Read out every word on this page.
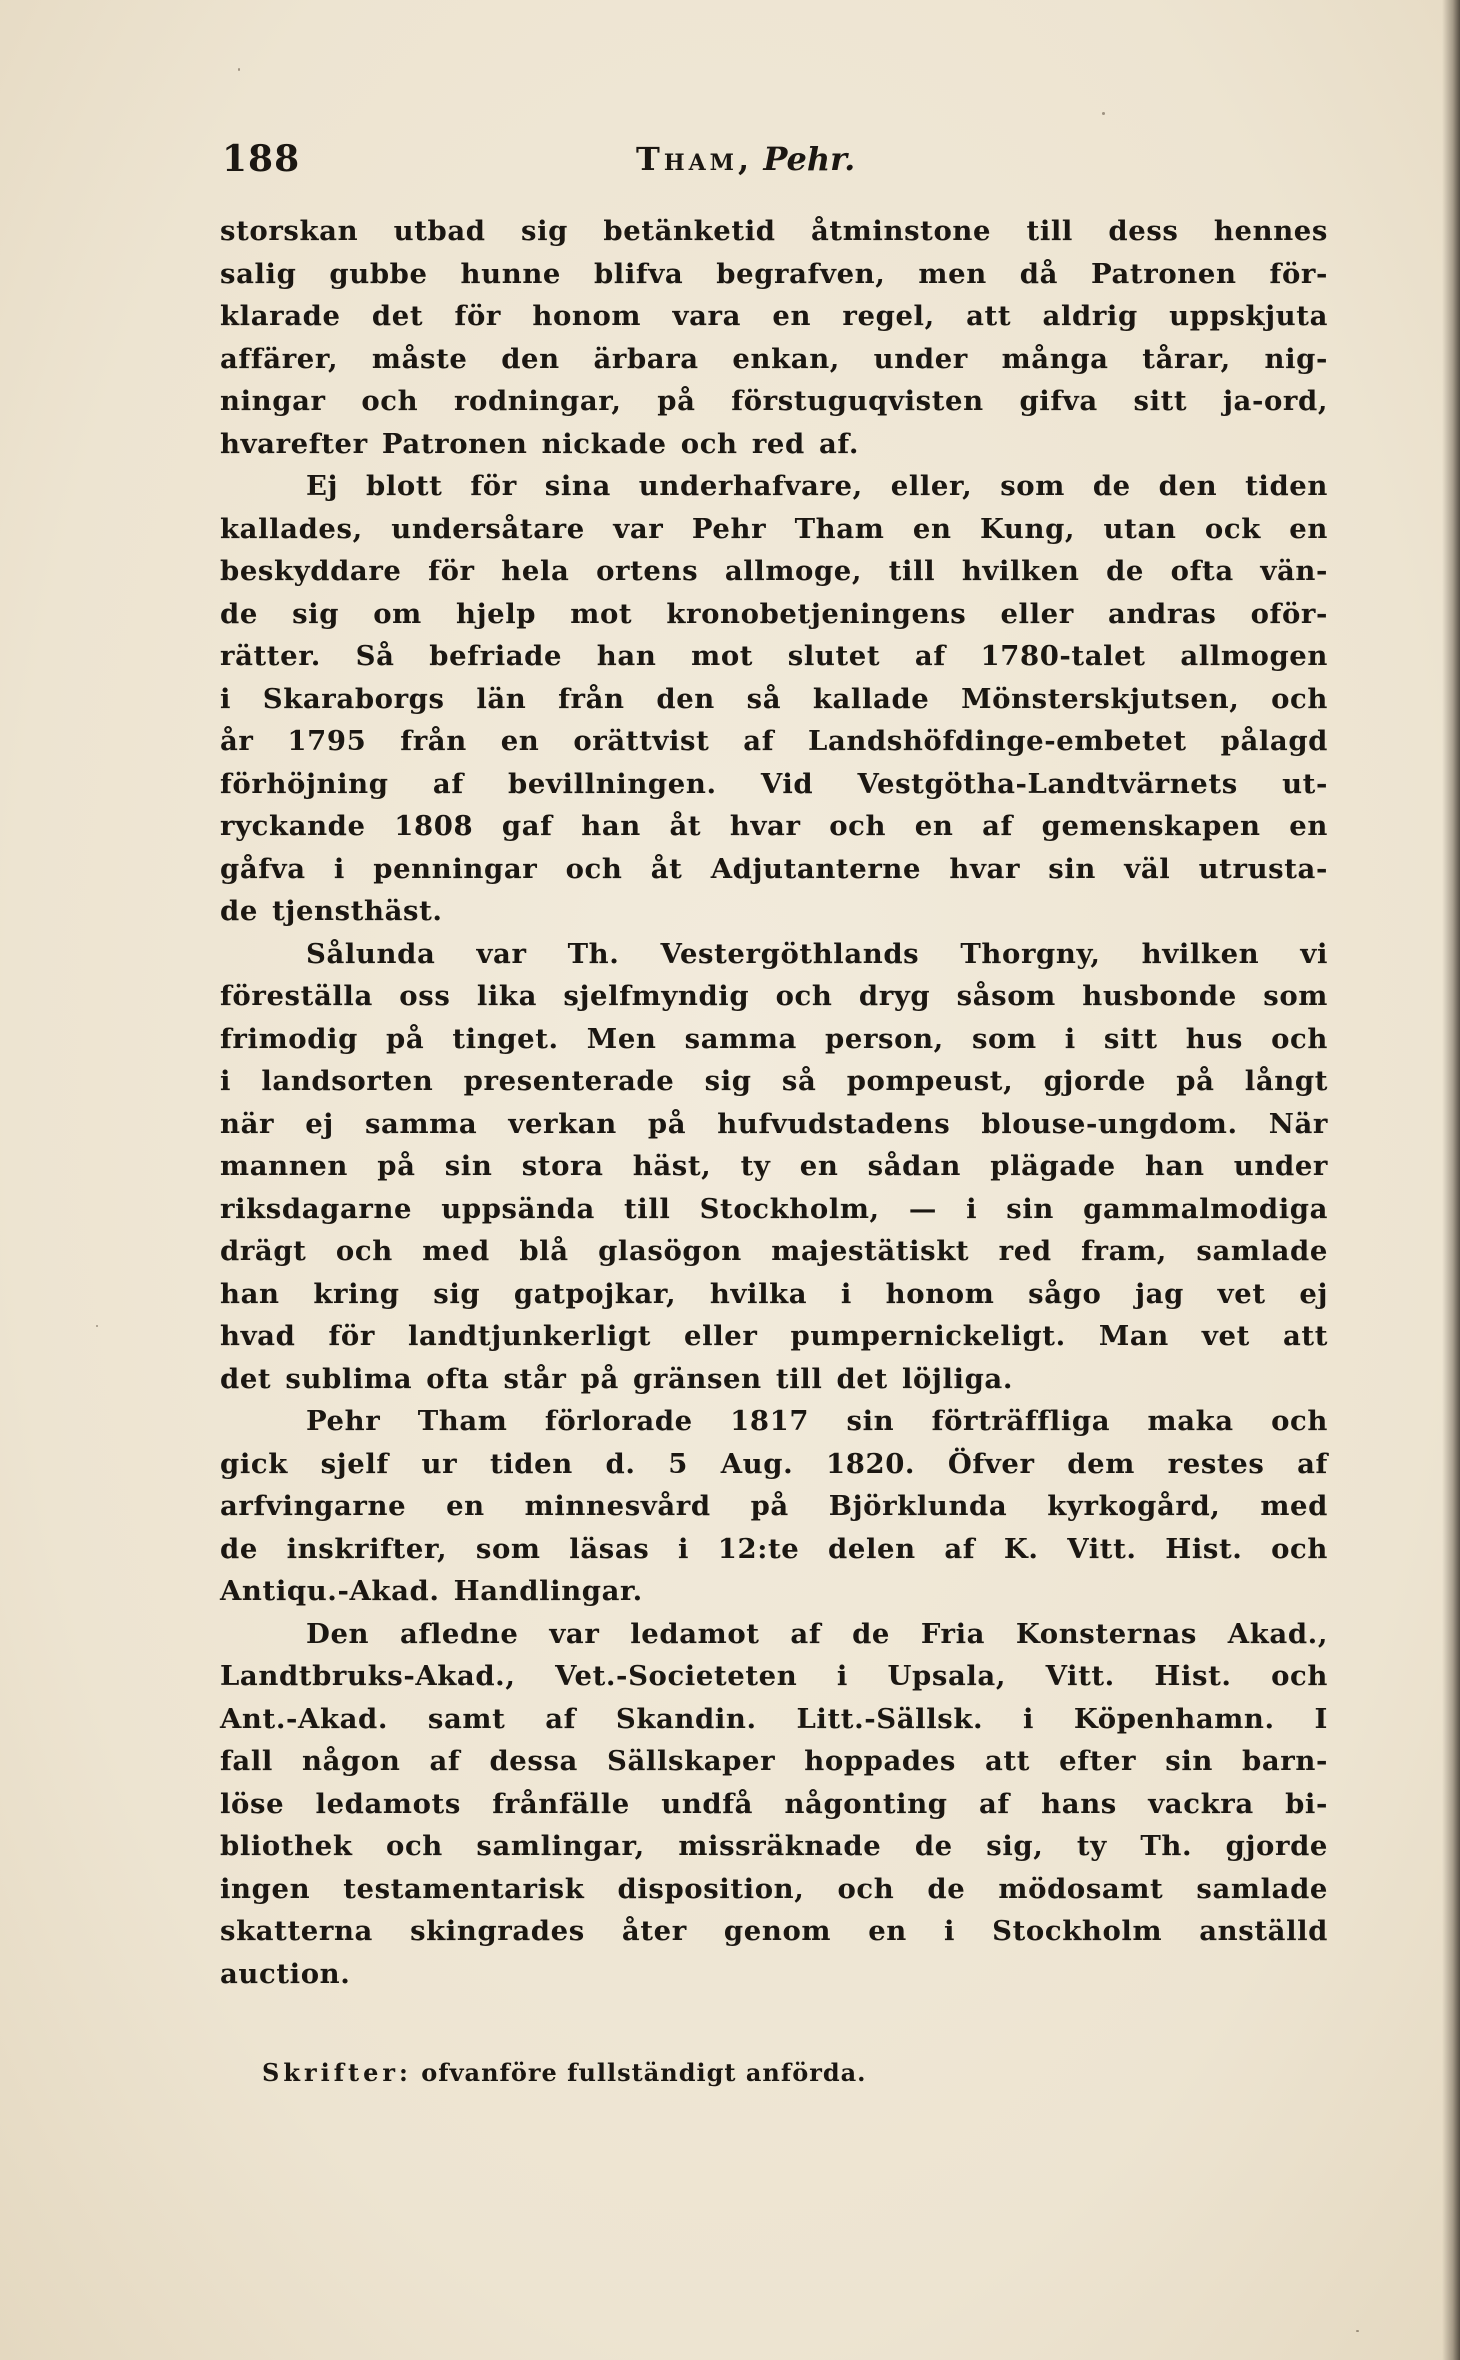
188	Tham, Pehr.
storskan utbad sig betänketid åtminstone till dess hennes
salig gubbe hunne blifva begrafven, men då Patronen för-
klarade det för honom vara en regel, att aldrig uppskjuta
affärer, måste den ärbara enkan, under många tårar, nig-
ningar och rodningar, på förstuguqvisten gifva sitt ja-ord,
hvarefter Patronen nickade och red af.
Ej blott för sina underhafvare, eller, som de den tiden
kallades, undersåtare var Pehr Tham en Kung, utan ock en
beskyddare för hela ortens allmoge, till hvilken de ofta vän-
de sig om hjelp mot kronobetjeningens eller andras oför-
rätter. Så befriade han mot slutet af 1780-talet allmogen
i Skaraborgs län från den så kallade Mönsterskjutsen, och
år 1795 från en orättvist af Landshöfdinge-embetet pålagd
förhöjning af bevillningen. Vid Vestgötha-Landtvärnets ut-
ryckande 1808 gaf han åt hvar och en af gemenskapen en
gåfva i penningar och åt Adjutanterne hvar sin väl utrusta-
de tjensthäst.
Sålunda var Th. Vestergöthlands Thorgny, hvilken vi
föreställa oss lika sjelfmyndig och dryg såsom husbonde som
frimodig på tinget. Men samma person, som i sitt hus och
i landsorten presenterade sig så pompeust, gjorde på långt
när ej samma verkan på hufvudstadens blouse-ungdom. När
mannen på sin stora häst, ty en sådan plägade han under
riksdagarne uppsända till Stockholm, — i sin gammalmodiga
drägt och med blå glasögon majestätiskt red fram, samlade
han kring sig gatpojkar, hvilka i honom sågo jag vet ej
hvad för landtjunkerligt eller pumpernickeligt. Man vet att
det sublima ofta står på gränsen till det löjliga.
Pehr Tham förlorade 1817 sin förträffliga maka och
gick sjelf ur tiden d. 5 Aug. 1820. Öfver dem restes af
arfvingarne en minnesvård på Björklunda kyrkogård, med
de inskrifter, som läsas i 12:te delen af K. Vitt. Hist. och
Antiqu.-Akad. Handlingar.
Den afledne var ledamot af de Fria Konsternas Akad.,
Landtbruks-Akad., Vet.-Societeten i Upsala, Vitt. Hist. och
Ant.-Akad. samt af Skandin. Litt.-Sällsk. i Köpenhamn. I
fall någon af dessa Sällskaper hoppades att efter sin barn-
löse ledamots frånfälle undfå någonting af hans vackra bi-
bliothek och samlingar, missräknade de sig, ty Th. gjorde
ingen testamentarisk disposition, och de mödosamt samlade
skatterna skingrades åter genom en i Stockholm anställd
auction.
Skrifter: ofvanföre fullständigt anförda.
